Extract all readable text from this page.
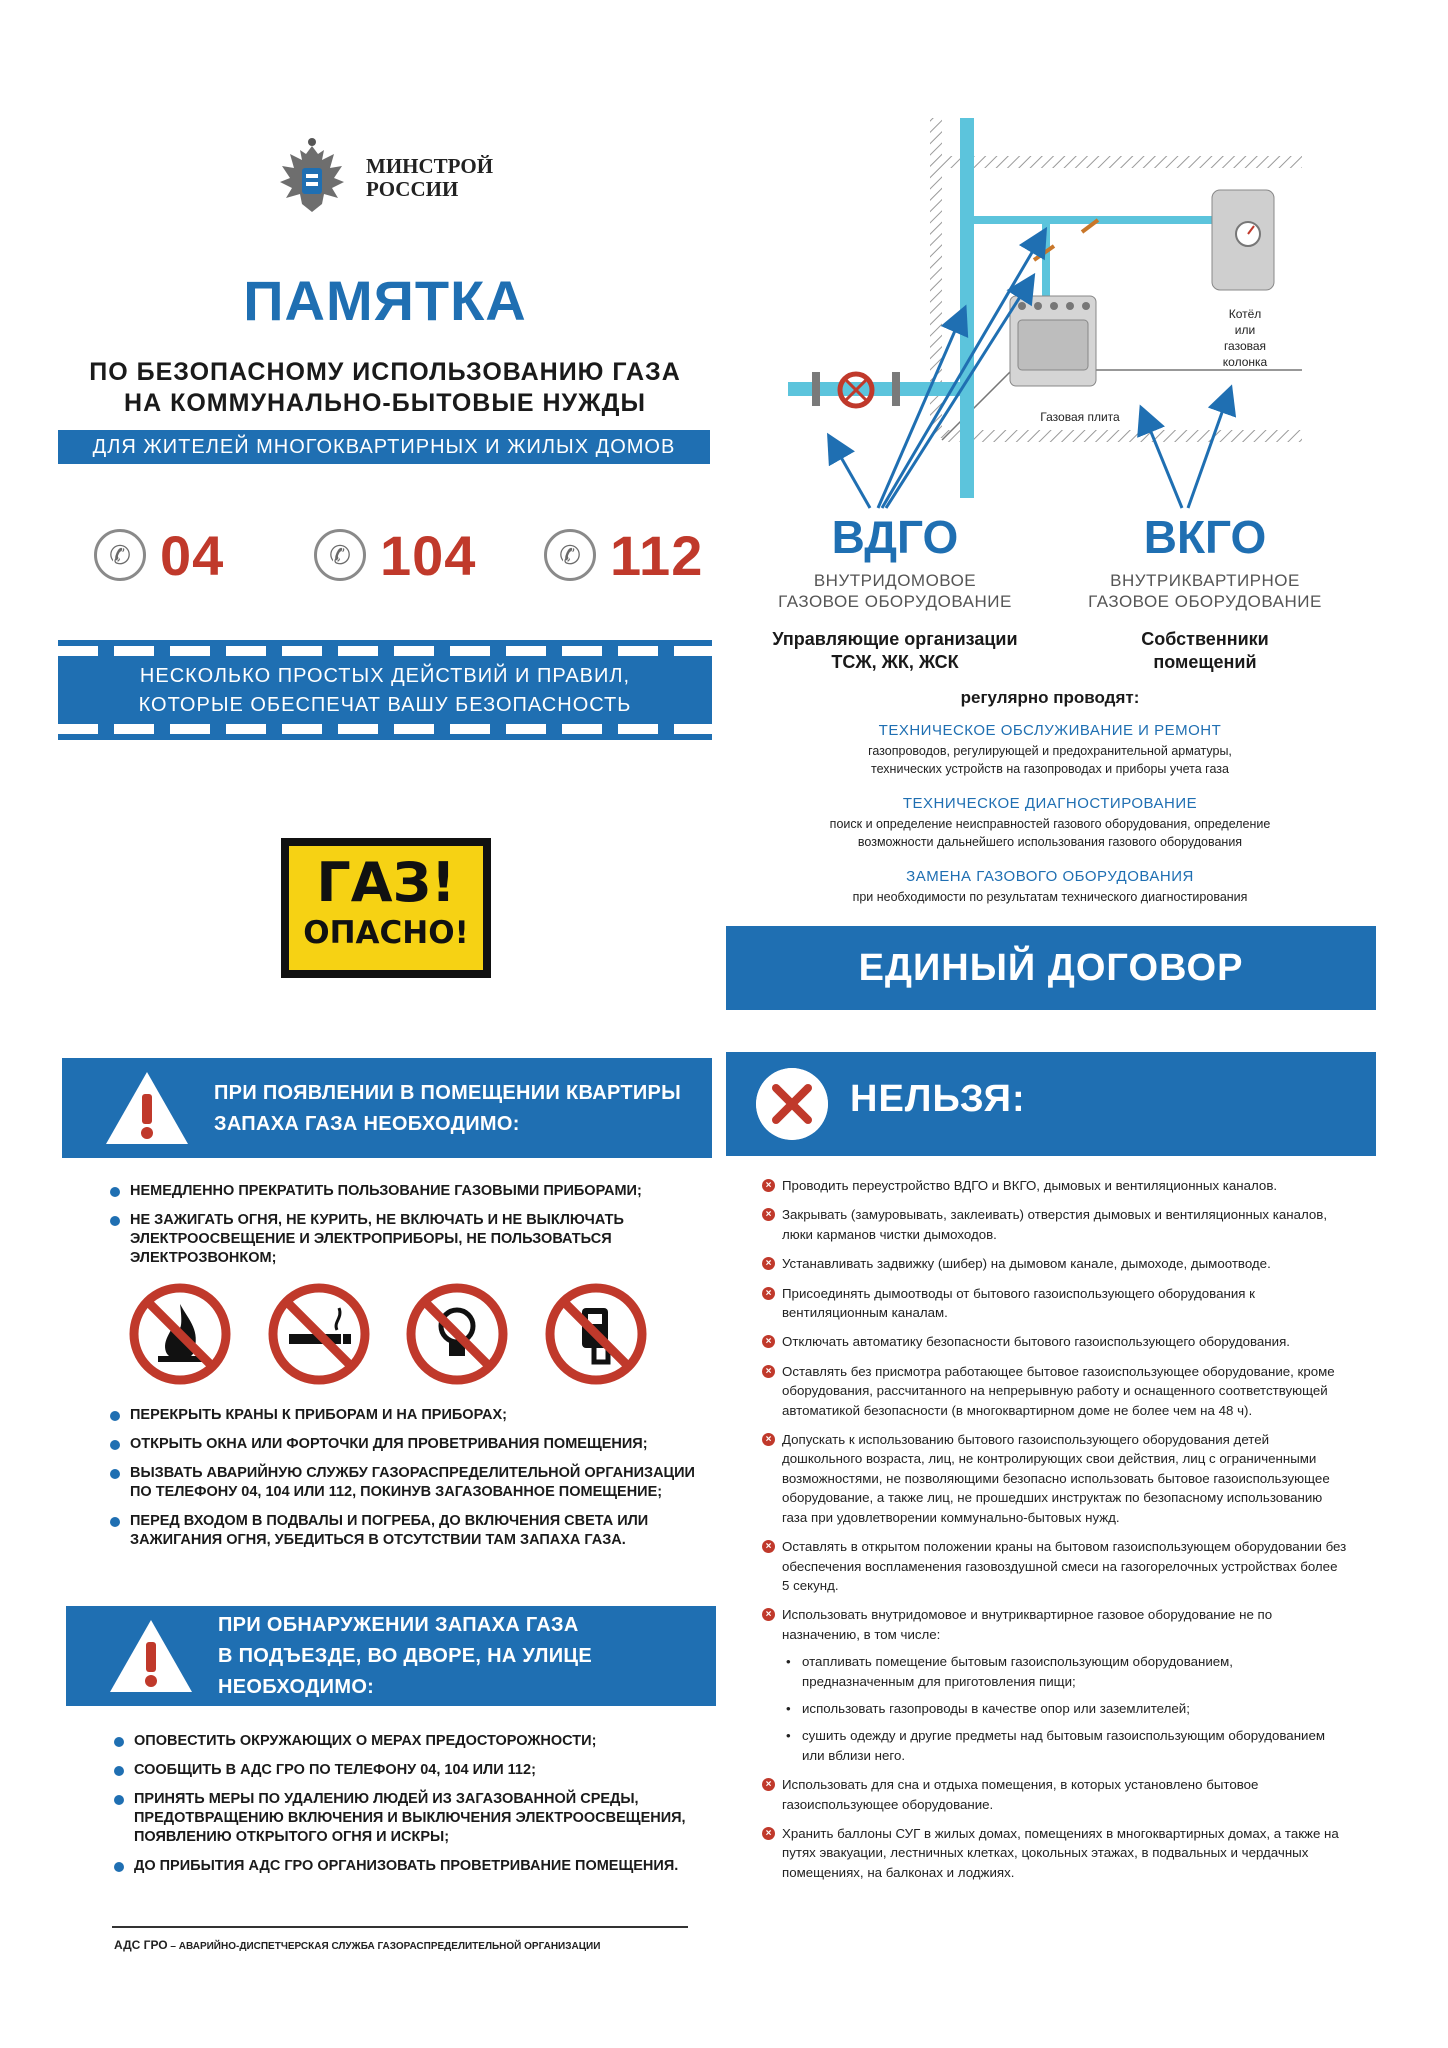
МИНСТРОЙ
РОССИИ
ПАМЯТКА
ПО БЕЗОПАСНОМУ ИСПОЛЬЗОВАНИЮ ГАЗА
НА КОММУНАЛЬНО-БЫТОВЫЕ НУЖДЫ
ДЛЯ ЖИТЕЛЕЙ МНОГОКВАРТИРНЫХ И ЖИЛЫХ ДОМОВ
✆ 04	✆ 104	✆ 112
НЕСКОЛЬКО ПРОСТЫХ ДЕЙСТВИЙ И ПРАВИЛ,
КОТОРЫЕ ОБЕСПЕЧАТ ВАШУ БЕЗОПАСНОСТЬ
ГАЗ!
ОПАСНО!
Газовая плита
Котёл
или
газовая
колонка
ВДГО	ВКГО
ВНУТРИДОМОВОЕ
ГАЗОВОЕ ОБОРУДОВАНИЕ
ВНУТРИКВАРТИРНОЕ
ГАЗОВОЕ ОБОРУДОВАНИЕ
Управляющие организации
ТСЖ, ЖК, ЖСК
Собственники
помещений
регулярно проводят:
ТЕХНИЧЕСКОЕ ОБСЛУЖИВАНИЕ И РЕМОНТ
газопроводов, регулирующей и предохранительной арматуры,
технических устройств на газопроводах и приборы учета газа
ТЕХНИЧЕСКОЕ ДИАГНОСТИРОВАНИЕ
поиск и определение неисправностей газового оборудования, определение
возможности дальнейшего использования газового оборудования
ЗАМЕНА ГАЗОВОГО ОБОРУДОВАНИЯ
при необходимости по результатам технического диагностирования
ЕДИНЫЙ ДОГОВОР
ПРИ ПОЯВЛЕНИИ В ПОМЕЩЕНИИ КВАРТИРЫ
ЗАПАХА ГАЗА НЕОБХОДИМО:
НЕМЕДЛЕННО ПРЕКРАТИТЬ ПОЛЬЗОВАНИЕ ГАЗОВЫМИ ПРИБОРАМИ;
НЕ ЗАЖИГАТЬ ОГНЯ, НЕ КУРИТЬ, НЕ ВКЛЮЧАТЬ И НЕ ВЫКЛЮЧАТЬ ЭЛЕКТРООСВЕЩЕНИЕ И ЭЛЕКТРОПРИБОРЫ, НЕ ПОЛЬЗОВАТЬСЯ ЭЛЕКТРОЗВОНКОМ;
ПЕРЕКРЫТЬ КРАНЫ К ПРИБОРАМ И НА ПРИБОРАХ;
ОТКРЫТЬ ОКНА ИЛИ ФОРТОЧКИ ДЛЯ ПРОВЕТРИВАНИЯ ПОМЕЩЕНИЯ;
ВЫЗВАТЬ АВАРИЙНУЮ СЛУЖБУ ГАЗОРАСПРЕДЕЛИТЕЛЬНОЙ ОРГАНИЗАЦИИ ПО ТЕЛЕФОНУ 04, 104 ИЛИ 112, ПОКИНУВ ЗАГАЗОВАННОЕ ПОМЕЩЕНИЕ;
ПЕРЕД ВХОДОМ В ПОДВАЛЫ И ПОГРЕБА, ДО ВКЛЮЧЕНИЯ СВЕТА ИЛИ ЗАЖИГАНИЯ ОГНЯ, УБЕДИТЬСЯ В ОТСУТСТВИИ ТАМ ЗАПАХА ГАЗА.
ПРИ ОБНАРУЖЕНИИ ЗАПАХА ГАЗА
В ПОДЪЕЗДЕ, ВО ДВОРЕ, НА УЛИЦЕ
НЕОБХОДИМО:
ОПОВЕСТИТЬ ОКРУЖАЮЩИХ О МЕРАХ ПРЕДОСТОРОЖНОСТИ;
СООБЩИТЬ В АДС ГРО ПО ТЕЛЕФОНУ 04, 104 ИЛИ 112;
ПРИНЯТЬ МЕРЫ ПО УДАЛЕНИЮ ЛЮДЕЙ ИЗ ЗАГАЗОВАННОЙ СРЕДЫ, ПРЕДОТВРАЩЕНИЮ ВКЛЮЧЕНИЯ И ВЫКЛЮЧЕНИЯ ЭЛЕКТРООСВЕЩЕНИЯ, ПОЯВЛЕНИЮ ОТКРЫТОГО ОГНЯ И ИСКРЫ;
ДО ПРИБЫТИЯ АДС ГРО ОРГАНИЗОВАТЬ ПРОВЕТРИВАНИЕ ПОМЕЩЕНИЯ.
АДС ГРО – АВАРИЙНО-ДИСПЕТЧЕРСКАЯ СЛУЖБА ГАЗОРАСПРЕДЕЛИТЕЛЬНОЙ ОРГАНИЗАЦИИ
НЕЛЬЗЯ:
× Проводить переустройство ВДГО и ВКГО, дымовых и вентиляционных каналов.
× Закрывать (замуровывать, заклеивать) отверстия дымовых и вентиляционных каналов, люки карманов чистки дымоходов.
× Устанавливать задвижку (шибер) на дымовом канале, дымоходе, дымоотводе.
× Присоединять дымоотводы от бытового газоиспользующего оборудования к вентиляционным каналам.
× Отключать автоматику безопасности бытового газоиспользующего оборудования.
× Оставлять без присмотра работающее бытовое газоиспользующее оборудование, кроме оборудования, рассчитанного на непрерывную работу и оснащенного соответствующей автоматикой безопасности (в многоквартирном доме не более чем на 48 ч).
× Допускать к использованию бытового газоиспользующего оборудования детей дошкольного возраста, лиц, не контролирующих свои действия, лиц с ограниченными возможностями, не позволяющими безопасно использовать бытовое газоиспользующее оборудование, а также лиц, не прошедших инструктаж по безопасному использованию газа при удовлетворении коммунально-бытовых нужд.
× Оставлять в открытом положении краны на бытовом газоиспользующем оборудовании без обеспечения воспламенения газовоздушной смеси на газогорелочных устройствах более 5 секунд.
× Использовать внутридомовое и внутриквартирное газовое оборудование не по назначению, в том числе:
• отапливать помещение бытовым газоиспользующим оборудованием, предназначенным для приготовления пищи;
• использовать газопроводы в качестве опор или заземлителей;
• сушить одежду и другие предметы над бытовым газоиспользующим оборудованием или вблизи него.
× Использовать для сна и отдыха помещения, в которых установлено бытовое газоиспользующее оборудование.
× Хранить баллоны СУГ в жилых домах, помещениях в многоквартирных домах, а также на путях эвакуации, лестничных клетках, цокольных этажах, в подвальных и чердачных помещениях, на балконах и лоджиях.
